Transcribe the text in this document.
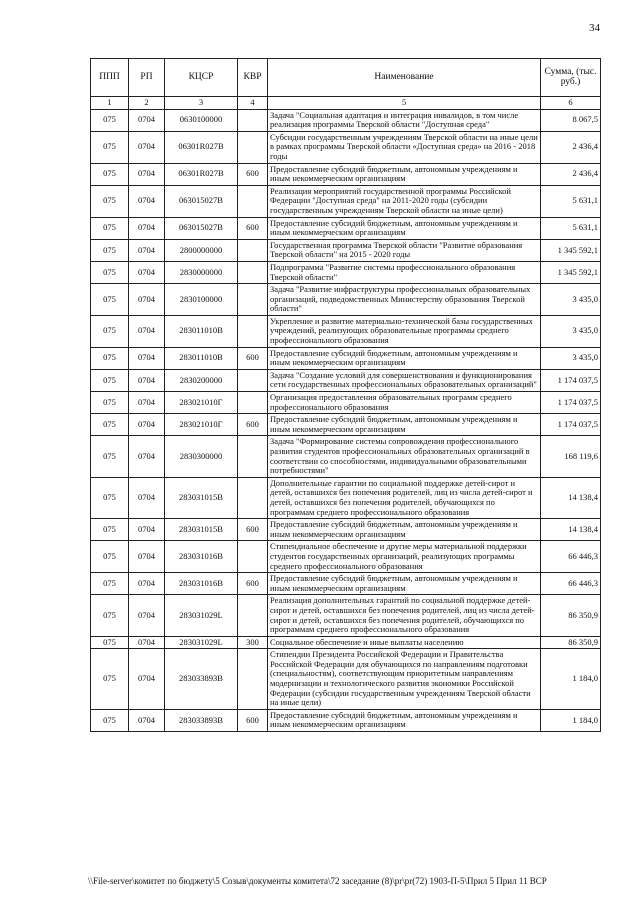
34
ППП	РП	КЦСР	КВР	Наименование	Сумма, (тыс. руб.)
1	2	3	4	5	6
075	0704	0630100000		Задача "Социальная адаптация и интеграция инвалидов, в том числе реализация программы Тверской области "Доступная среда"	8 067,5
075	0704	06301R027B		Субсидии государственным учреждениям Тверской области на иные цели в рамках программы Тверской области «Доступная среда» на 2016 - 2018 годы	2 436,4
075	0704	06301R027B	600	Предоставление субсидий бюджетным, автономным учреждениям и иным некоммерческим организациям	2 436,4
075	0704	063015027B		Реализация мероприятий государственной программы Российской Федерации "Доступная среда" на 2011-2020 годы (субсидии государственным учреждениям Тверской области на иные цели)	5 631,1
075	0704	063015027B	600	Предоставление субсидий бюджетным, автономным учреждениям и иным некоммерческим организациям	5 631,1
075	0704	2800000000		Государственная программа Тверской области "Развитие образования Тверской области" на 2015 - 2020 годы	1 345 592,1
075	0704	2830000000		Подпрограмма "Развитие системы профессионального образования Тверской области"	1 345 592,1
075	0704	2830100000		Задача "Развитие инфраструктуры профессиональных образовательных организаций, подведомственных Министерству образования Тверской области"	3 435,0
075	0704	283011010В		Укрепление и развитие материально-технической базы государственных учреждений, реализующих образовательные программы среднего профессионального образования	3 435,0
075	0704	283011010В	600	Предоставление субсидий бюджетным, автономным учреждениям и иным некоммерческим организациям	3 435,0
075	0704	2830200000		Задача "Создание условий для совершенствования и функционирования сети государственных профессиональных образовательных организаций"	1 174 037,5
075	0704	283021010Г		Организация предоставления образовательных программ среднего профессионального образования	1 174 037,5
075	0704	283021010Г	600	Предоставление субсидий бюджетным, автономным учреждениям и иным некоммерческим организациям	1 174 037,5
075	0704	2830300000		Задача "Формирование системы сопровождения профессионального развития студентов профессиональных образовательных организаций в соответствии со способностями, индивидуальными образовательными потребностями"	168 119,6
075	0704	283031015В		Дополнительные гарантии по социальной поддержке детей-сирот и детей, оставшихся без попечения родителей, лиц из числа детей-сирот и детей, оставшихся без попечения родителей, обучающихся по программам среднего профессионального образования	14 138,4
075	0704	283031015В	600	Предоставление субсидий бюджетным, автономным учреждениям и иным некоммерческим организациям	14 138,4
075	0704	283031016В		Стипендиальное обеспечение и другие меры материальной поддержки студентов государственных организаций, реализующих программы среднего профессионального образования	66 446,3
075	0704	283031016В	600	Предоставление субсидий бюджетным, автономным учреждениям и иным некоммерческим организациям	66 446,3
075	0704	283031029L		Реализация дополнительных гарантий по социальной поддержке детей-сирот и детей, оставшихся без попечения родителей, лиц из числа детей-сирот и детей, оставшихся без попечения родителей, обучающихся по программам среднего профессионального образования	86 350,9
075	0704	283031029L	300	Социальное обеспечение и иные выплаты населению	86 350,9
075	0704	283033893В		Стипендии Президента Российской Федерации и Правительства Российской Федерации для обучающихся по направлениям подготовки (специальностям), соответствующим приоритетным направлениям модернизации и технологического развития экономики Российской Федерации (субсидии государственным учреждениям Тверской области на иные цели)	1 184,0
075	0704	283033893В	600	Предоставление субсидий бюджетным, автономным учреждениям и иным некоммерческим организациям	1 184,0
\\File-server\комитет по бюджету\5 Созыв\документы комитета\72 заседание (8)\pr\pr(72) 1903-П-5\Прил 5 Прил 11 ВСР
